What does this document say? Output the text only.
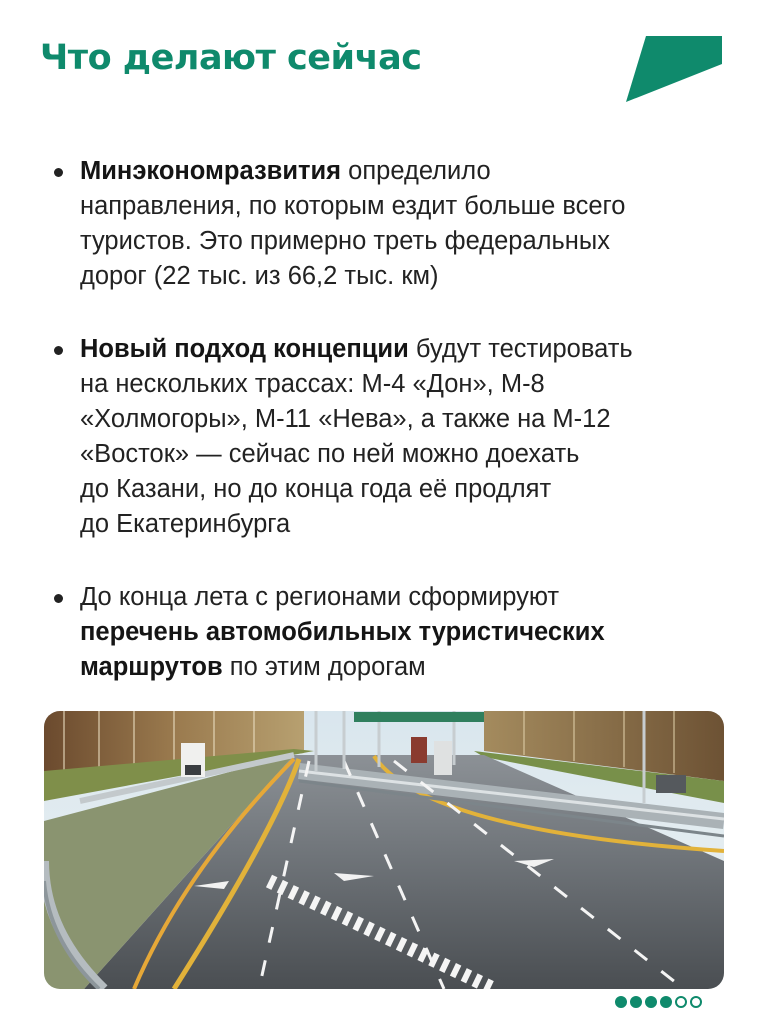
Что делают сейчас
Минэкономразвития определило
направления, по которым ездит больше всего
туристов. Это примерно треть федеральных
дорог (22 тыс. из 66,2 тыс. км)
Новый подход концепции будут тестировать
на нескольких трассах: М-4 «Дон», М-8
«Холмогоры», М-11 «Нева», а также на М-12
«Восток» — сейчас по ней можно доехать
до Казани, но до конца года её продлят
до Екатеринбурга
До конца лета с регионами сформируют
перечень автомобильных туристических
маршрутов по этим дорогам
